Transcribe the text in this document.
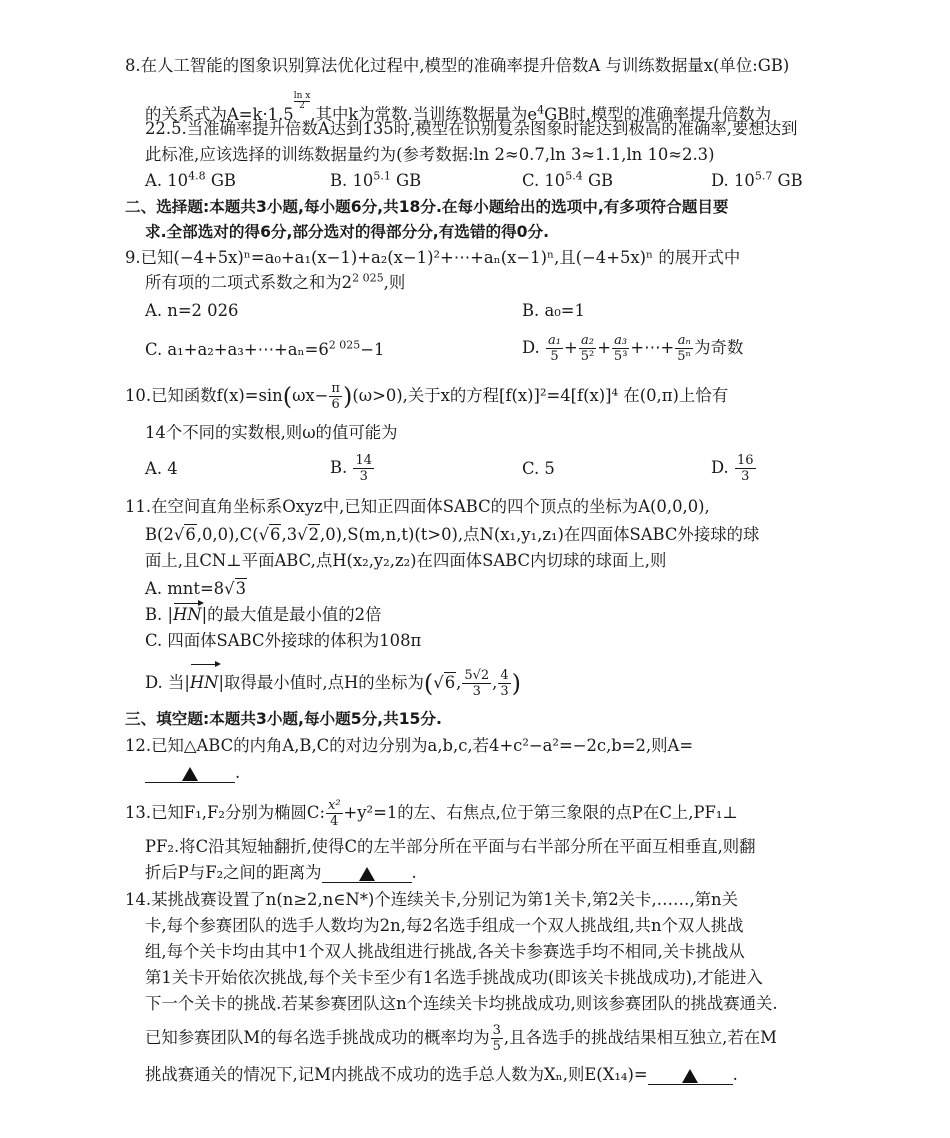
8.在人工智能的图象识别算法优化过程中,模型的准确率提升倍数A 与训练数据量x(单位:GB)
的关系式为A=k·1.5
$\frac{\text{ln x}}{2}$
,其中k为常数.当训练数据量为$e^4GB$时,模型的准确率提升倍数为
22.5.当准确率提升倍数A达到135时,模型在识别复杂图象时能达到极高的准确率,要想达到
此标准,应该选择的训练数据量约为(参考数据:ln 2≈0.7,ln 3≈1.1,ln 10≈2.3)
A. $10^{4.8}$ GB	B. $10^{5.1}$ GB	C. $10^{5.4}$ GB	D. $10^{5.7}$ GB
二、选择题:本题共3小题,每小题6分,共18分.在每小题给出的选项中,有多项符合题目要
求.全部选对的得6分,部分选对的得部分分,有选错的得0分.
9.已知(−4+5x)ⁿ=a₀+a₁(x−1)+a₂(x−1)²+⋯+aₙ(x−1)ⁿ,且(−4+5x)ⁿ 的展开式中
所有项的二项式系数之和为$2^{2 025}$,则
A. n=2 026	B. a₀=1
C. $a_1+a_2+a_3+\cdots+a_n=6^{2 025}-1$	D. $\frac{\text{a₁}}{5} + \frac{\text{a₂}}{\text{5²}} + \frac{\text{a₃}}{\text{5³}}$ +⋯+ $\frac{\text{aₙ}}{\text{5ⁿ}}$ 为奇数
10.已知函数$f(x)=\sin(\omega x- \frac{\pi}{6} )(\omega>0)$,关于x的方程[f(x)]²=4[f(x)]⁴ 在(0,π)上恰有
14个不同的实数根,则ω的值可能为
A. 4	B. $\frac{14}{3}$	C. 5	D. $\frac{16}{3}$
11.在空间直角坐标系Oxyz中,已知正四面体SABC的四个顶点的坐标为A(0,0,0),
B(2√6,0,0),C(√6,3√2,0),S(m,n,t)(t>0),点N(x₁,y₁,z₁)在四面体SABC外接球的球
面上,且CN⊥平面ABC,点H(x₂,y₂,z₂)在四面体SABC内切球的球面上,则
A. mnt=8√3
B. |HN|的最大值是最小值的2倍
C. 四面体SABC外接球的体积为108π
D. 当|HN|取得最小值时,点H的坐标为(√6, $\frac{5√2}{3}$ , $\frac{4}{3}$ )
三、填空题:本题共3小题,每小题5分,共15分.
12.已知△ABC的内角A,B,C的对边分别为a,b,c,若4+c²−a²=−2c,b=2,则A=
.
13.已知F₁,F₂分别为椭圆C: $\frac{\text{x²}}{4} +y^2=1$的左、右焦点,位于第三象限的点P在C上,PF₁⊥
PF₂.将C沿其短轴翻折,使得C的左半部分所在平面与右半部分所在平面互相垂直,则翻
折后P与F₂之间的距离为	.
14.某挑战赛设置了n(n≥2,n∈N*)个连续关卡,分别记为第1关卡,第2关卡,……,第n关
卡,每个参赛团队的选手人数均为2n,每2名选手组成一个双人挑战组,共n个双人挑战
组,每个关卡均由其中1个双人挑战组进行挑战,各关卡参赛选手均不相同,关卡挑战从
第1关卡开始依次挑战,每个关卡至少有1名选手挑战成功(即该关卡挑战成功),才能进入
下一个关卡的挑战.若某参赛团队这n个连续关卡均挑战成功,则该参赛团队的挑战赛通关.
已知参赛团队M的每名选手挑战成功的概率均为 $\frac{3}{5}$ ,且各选手的挑战结果相互独立,若在M
挑战赛通关的情况下,记M内挑战不成功的选手总人数为Xₙ,则E(X₁₄)=	.
